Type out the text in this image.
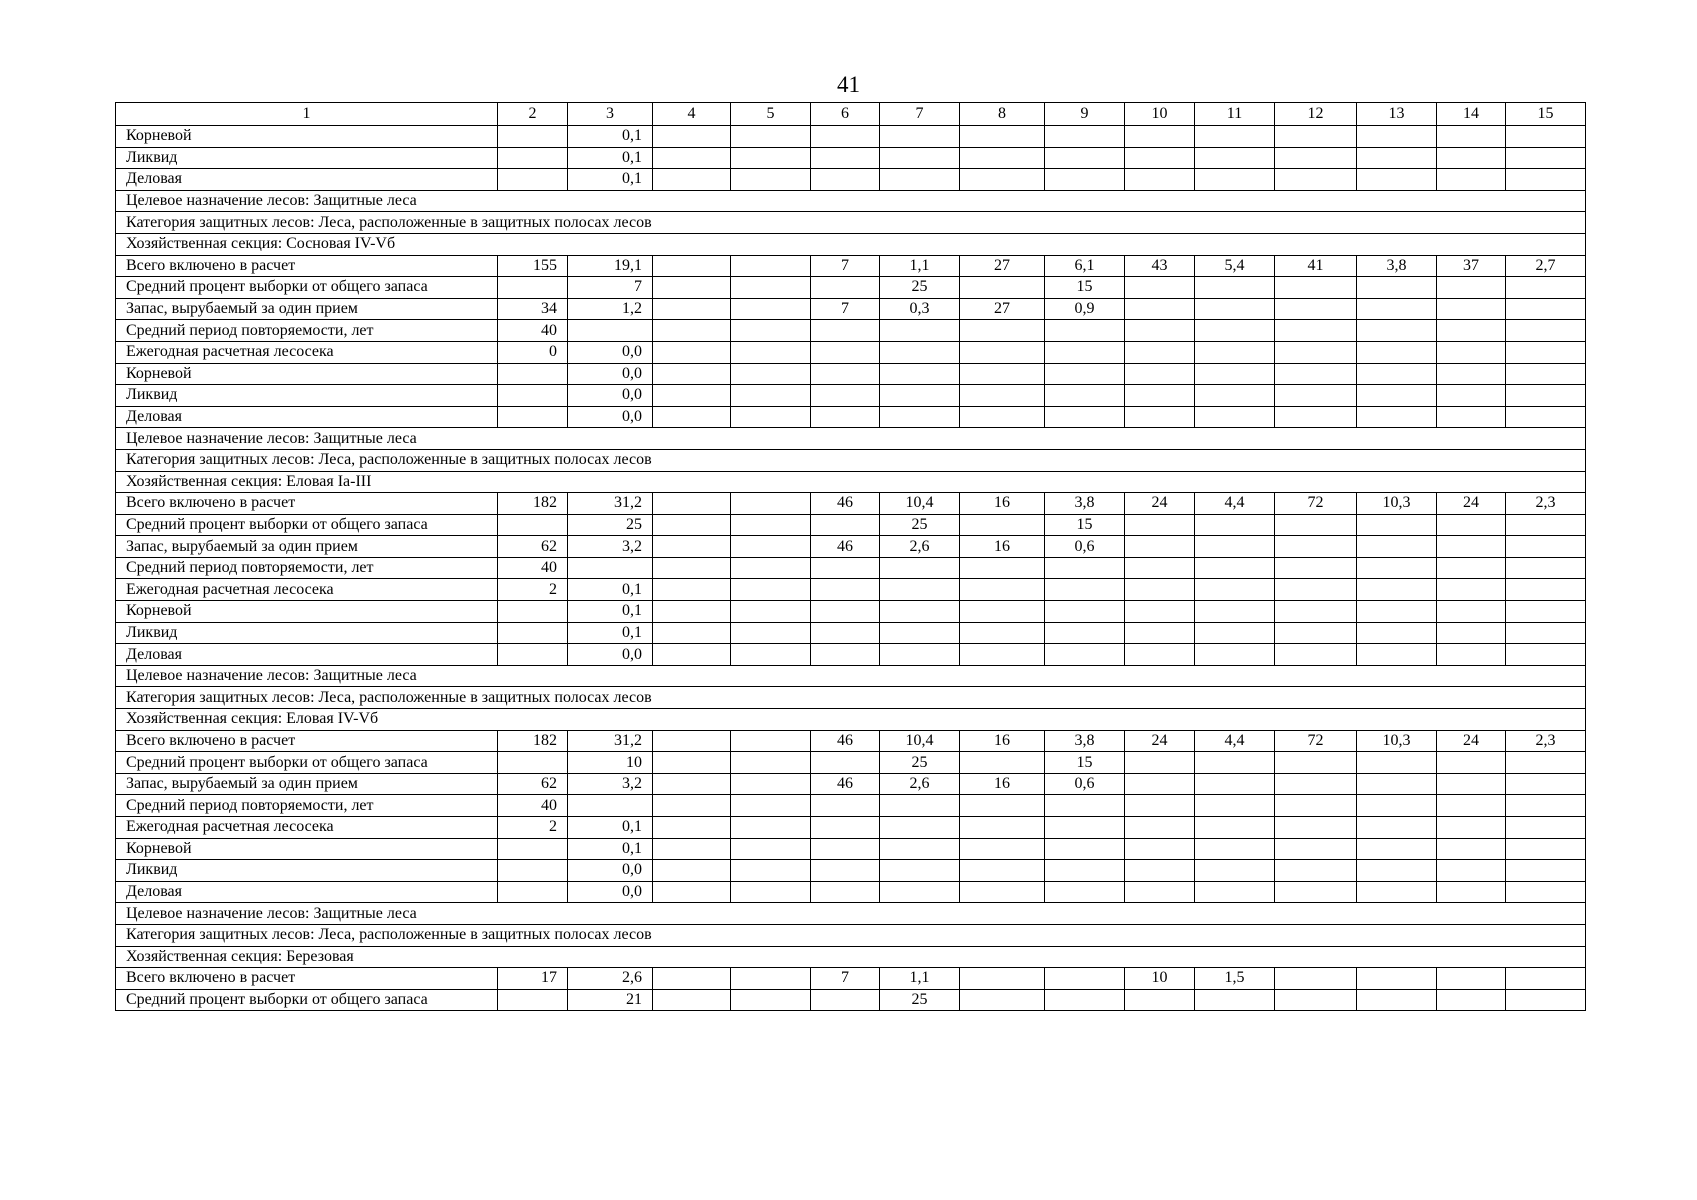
41
1	2	3	4	5	6	7	8	9	10	11	12	13	14	15
Корневой		0,1												
Ликвид		0,1												
Деловая		0,1												
Целевое назначение лесов: Защитные леса														
Категория защитных лесов: Леса, расположенные в защитных полосах лесов														
Хозяйственная секция: Сосновая IV-Vб														
Всего включено в расчет	155	19,1			7	1,1	27	6,1	43	5,4	41	3,8	37	2,7
Средний процент выборки от общего запаса		7				25		15						
Запас, вырубаемый за один прием	34	1,2			7	0,3	27	0,9						
Средний период повторяемости, лет	40													
Ежегодная расчетная лесосека	0	0,0												
Корневой		0,0												
Ликвид		0,0												
Деловая		0,0												
Целевое назначение лесов: Защитные леса														
Категория защитных лесов: Леса, расположенные в защитных полосах лесов														
Хозяйственная секция: Еловая Ia-III														
Всего включено в расчет	182	31,2			46	10,4	16	3,8	24	4,4	72	10,3	24	2,3
Средний процент выборки от общего запаса		25				25		15						
Запас, вырубаемый за один прием	62	3,2			46	2,6	16	0,6						
Средний период повторяемости, лет	40													
Ежегодная расчетная лесосека	2	0,1												
Корневой		0,1												
Ликвид		0,1												
Деловая		0,0												
Целевое назначение лесов: Защитные леса														
Категория защитных лесов: Леса, расположенные в защитных полосах лесов														
Хозяйственная секция: Еловая IV-Vб														
Всего включено в расчет	182	31,2			46	10,4	16	3,8	24	4,4	72	10,3	24	2,3
Средний процент выборки от общего запаса		10				25		15						
Запас, вырубаемый за один прием	62	3,2			46	2,6	16	0,6						
Средний период повторяемости, лет	40													
Ежегодная расчетная лесосека	2	0,1												
Корневой		0,1												
Ликвид		0,0												
Деловая		0,0												
Целевое назначение лесов: Защитные леса														
Категория защитных лесов: Леса, расположенные в защитных полосах лесов														
Хозяйственная секция: Березовая														
Всего включено в расчет	17	2,6			7	1,1			10	1,5				
Средний процент выборки от общего запаса		21				25								
